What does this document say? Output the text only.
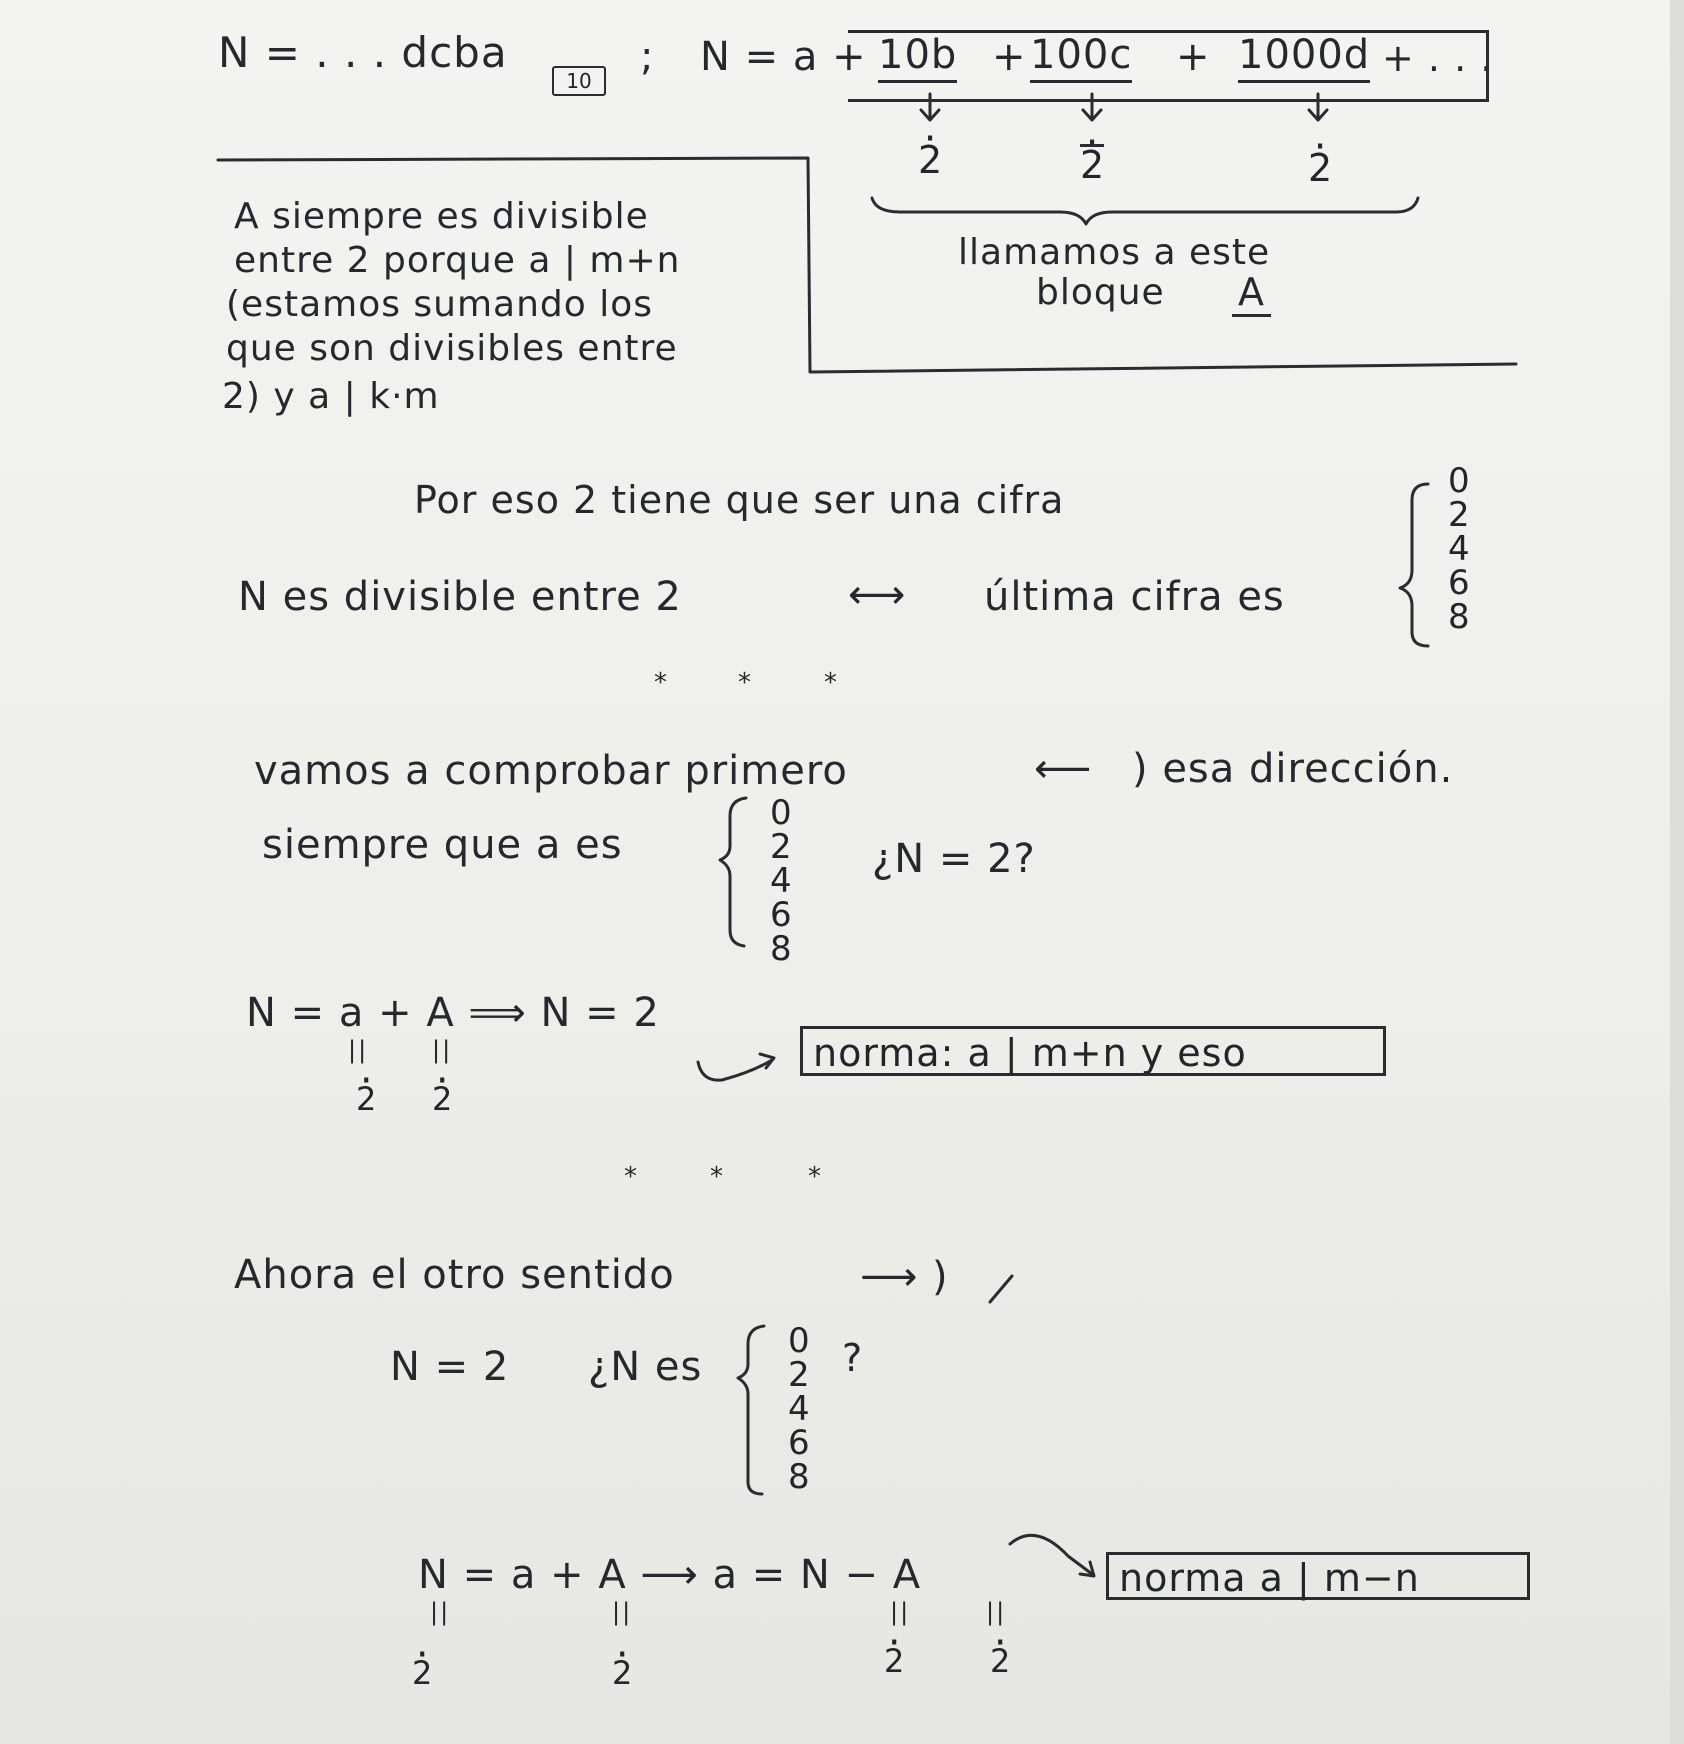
N = . . . dcba
10
; N = a + 10b + 100c + 1000d + . . .
· 2	· 2	· 2
llamamos a este
bloque A
A siempre es divisible
entre 2 porque a | m+n
(estamos sumando los
que son divisibles entre
2) y a | k·m
Por eso 2 tiene que ser una cifra
N es divisible entre 2	⟷ última cifra es
0
2
4
6
8
*	*	*
vamos a comprobar primero	⟵ ) esa dirección.
siempre que a es
0
2
4
6
8
¿N = 2?
N = a + A ⟹ N = 2
||	||
· 2 · 2
norma: a | m+n y eso
*	*	*
Ahora el otro sentido	⟶ )
N = 2 ¿N es
0
2
4
6
8
?
N = a + A ⟶ a = N − A
||	||	||	||
· 2	· 2	· 2	· 2
norma a | m−n
